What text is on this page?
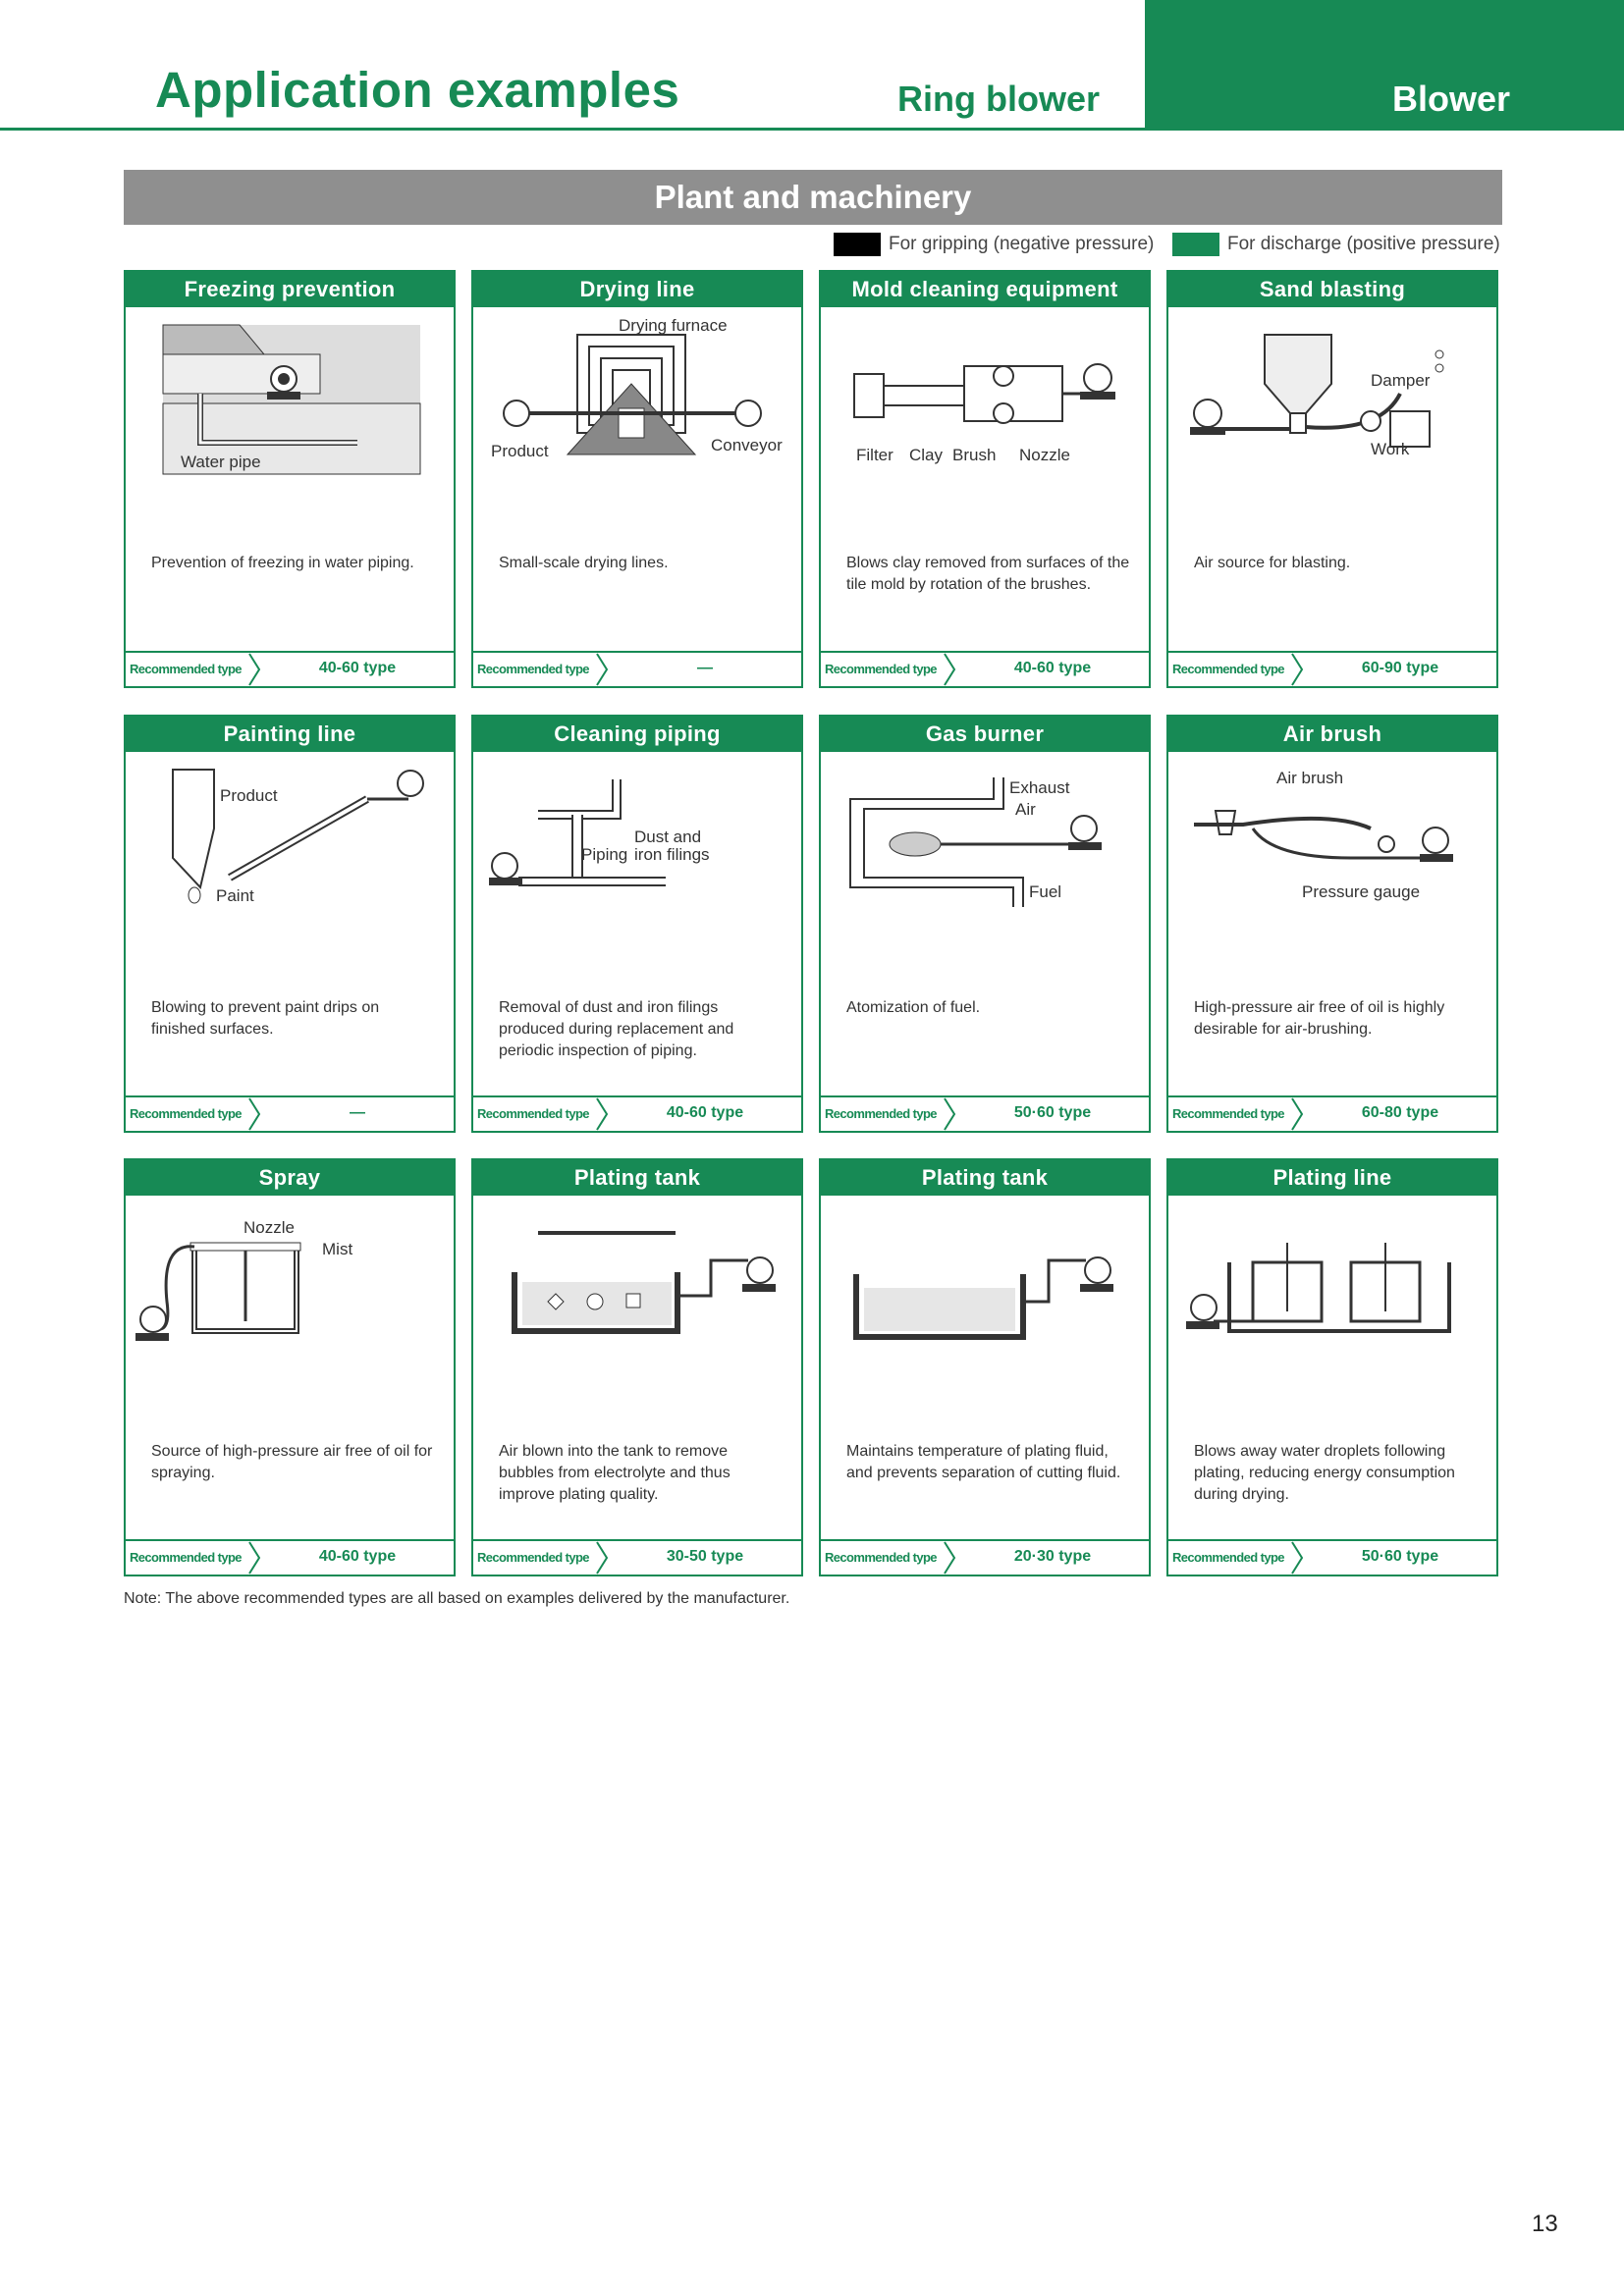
Application examples	Ring blower	Blower
Plant and machinery
For gripping (negative pressure)	For discharge (positive pressure)
Freezing prevention
Water pipe
Prevention of freezing in water piping.
Recommended type	40-60 type
Drying line
Drying furnace
Product	Conveyor
Small-scale drying lines.
Recommended type	—
Mold cleaning equipment
Filter Clay Brush Nozzle
Blows clay removed from surfaces of the tile mold by rotation of the brushes.
Recommended type	40-60 type
Sand blasting
Damper
Work
Air source for blasting.
Recommended type	60-90 type
Painting line
Product
Paint
Blowing to prevent paint drips on finished surfaces.
Recommended type	—
Cleaning piping
Dust and
iron filings
Piping
Removal of dust and iron filings produced during replacement and periodic inspection of piping.
Recommended type	40-60 type
Gas burner
Exhaust
Air
Fuel
Atomization of fuel.
Recommended type	50·60 type
Air brush
Air brush
Pressure gauge
High-pressure air free of oil is highly desirable for air-brushing.
Recommended type	60-80 type
Spray
Nozzle
Mist
Source of high-pressure air free of oil for spraying.
Recommended type	40-60 type
Plating tank
Air blown into the tank to remove bubbles from electrolyte and thus improve plating quality.
Recommended type	30-50 type
Plating tank
Maintains temperature of plating fluid, and prevents separation of cutting fluid.
Recommended type	20·30 type
Plating line
Blows away water droplets following plating, reducing energy consumption during drying.
Recommended type	50·60 type
Note: The above recommended types are all based on examples delivered by the manufacturer.
13
